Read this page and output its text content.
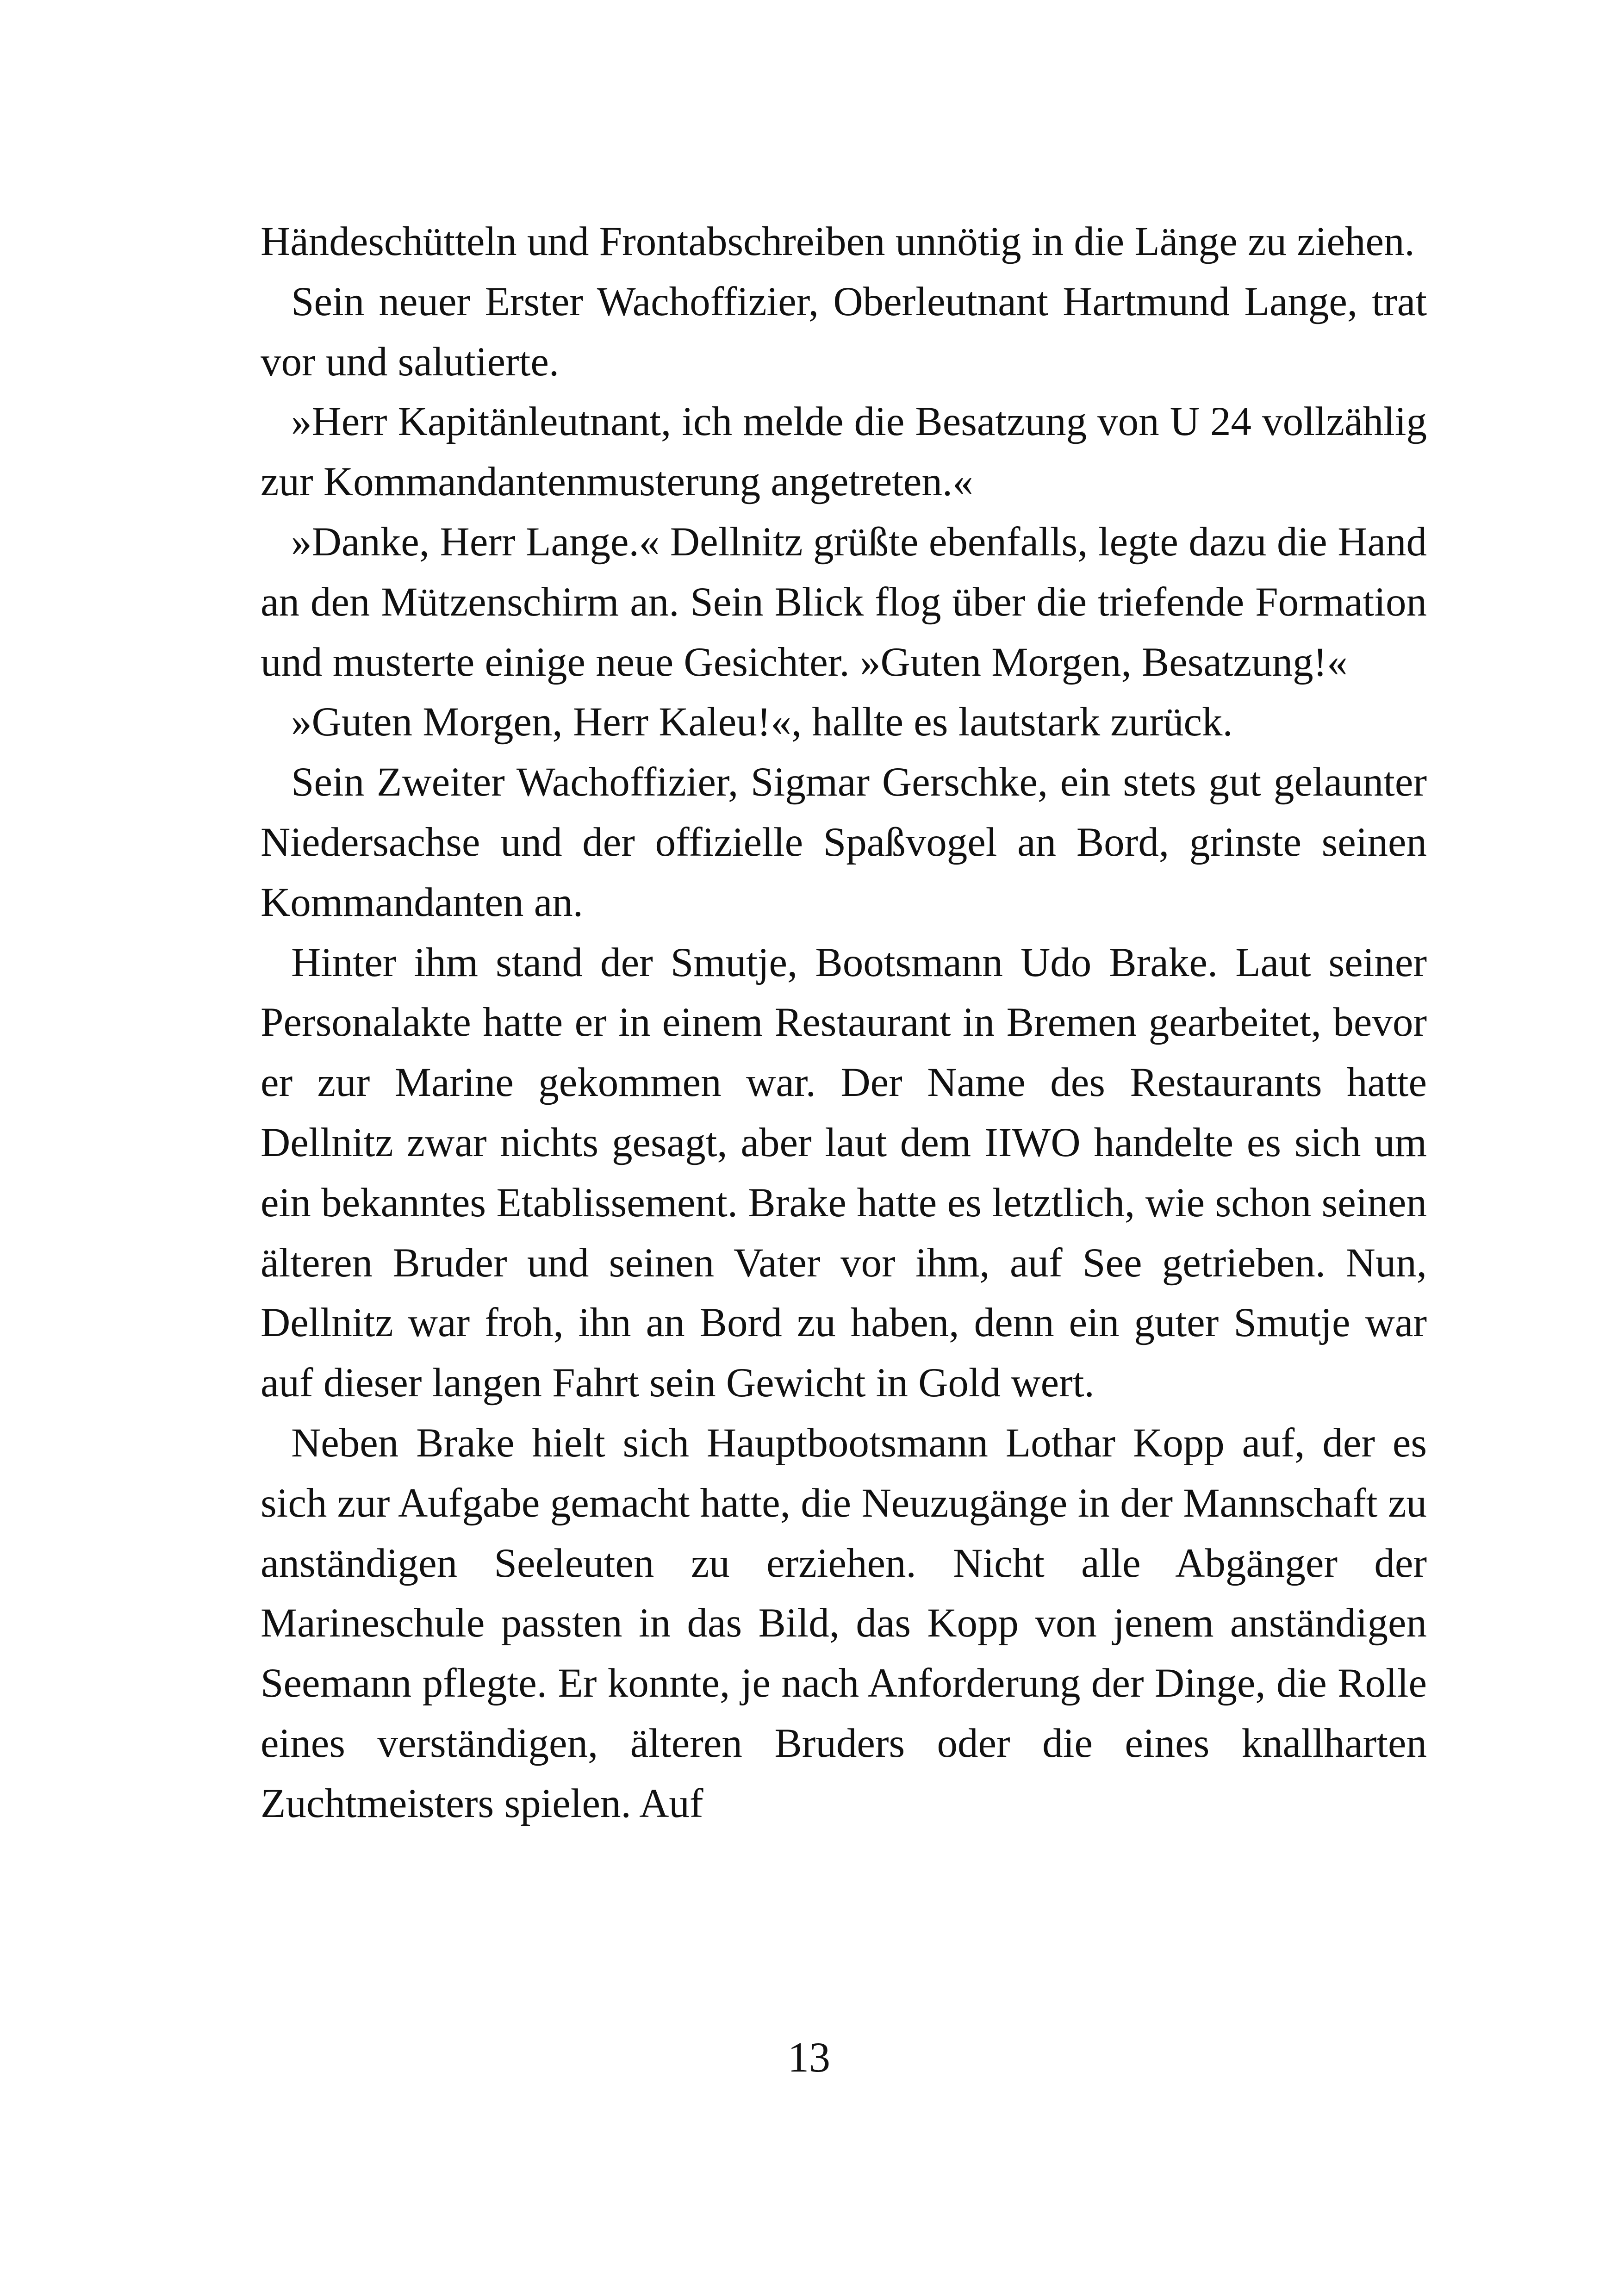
Händeschütteln und Frontabschreiben unnötig in die Länge zu ziehen.

Sein neuer Erster Wachoffizier, Oberleutnant Hartmund Lange, trat vor und salutierte.

»Herr Kapitänleutnant, ich melde die Besatzung von U 24 vollzählig zur Kommandantenmusterung angetreten.«

»Danke, Herr Lange.« Dellnitz grüßte ebenfalls, legte dazu die Hand an den Mützenschirm an. Sein Blick flog über die triefende Formation und musterte einige neue Gesichter. »Guten Morgen, Besatzung!«

»Guten Morgen, Herr Kaleu!«, hallte es lautstark zurück.

Sein Zweiter Wachoffizier, Sigmar Gerschke, ein stets gut gelaunter Niedersachse und der offizielle Spaßvogel an Bord, grinste seinen Kommandanten an.

Hinter ihm stand der Smutje, Bootsmann Udo Brake. Laut seiner Personalakte hatte er in einem Restaurant in Bremen gearbeitet, bevor er zur Marine gekommen war. Der Name des Restaurants hatte Dellnitz zwar nichts gesagt, aber laut dem IIWO handelte es sich um ein bekanntes Etablissement. Brake hatte es letztlich, wie schon seinen älteren Bruder und seinen Vater vor ihm, auf See getrieben. Nun, Dellnitz war froh, ihn an Bord zu haben, denn ein guter Smutje war auf dieser langen Fahrt sein Gewicht in Gold wert.

Neben Brake hielt sich Hauptbootsmann Lothar Kopp auf, der es sich zur Aufgabe gemacht hatte, die Neuzugänge in der Mannschaft zu anständigen Seeleuten zu erziehen. Nicht alle Abgänger der Marineschule passten in das Bild, das Kopp von jenem anständigen Seemann pflegte. Er konnte, je nach Anforderung der Dinge, die Rolle eines verständigen, älteren Bruders oder die eines knallharten Zuchtmeisters spielen. Auf

13
